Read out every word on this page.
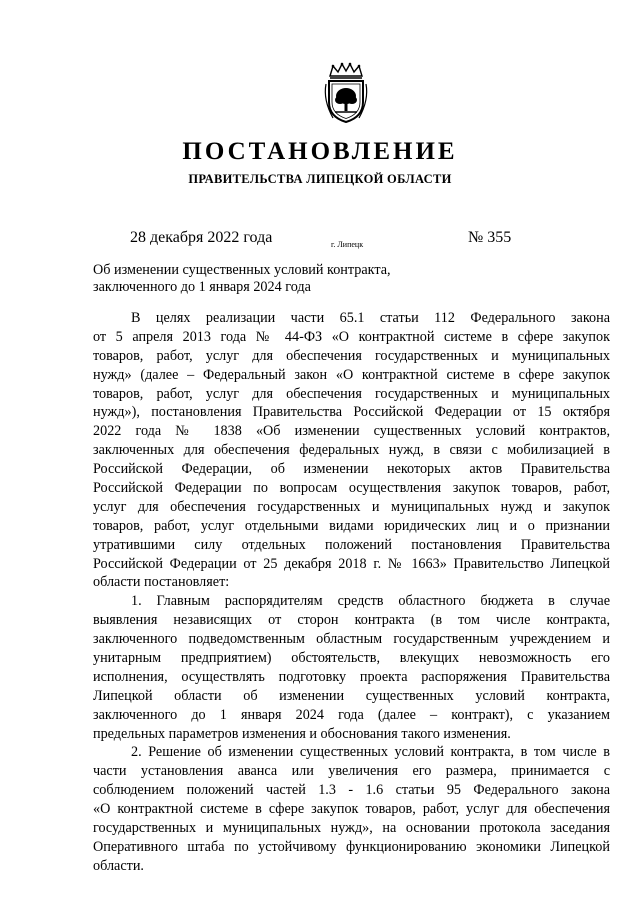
ПОСТАНОВЛЕНИЕ
ПРАВИТЕЛЬСТВА ЛИПЕЦКОЙ ОБЛАСТИ
28 декабря 2022 года	г. Липецк	№ 355
Об изменении существенных условий контракта,
заключенного до 1 января 2024 года
В целях реализации части 65.1 статьи 112 Федерального закона
от 5 апреля 2013 года № 44-ФЗ «О контрактной системе в сфере закупок
товаров, работ, услуг для обеспечения государственных и муниципальных
нужд» (далее – Федеральный закон «О контрактной системе в сфере закупок
товаров, работ, услуг для обеспечения государственных и муниципальных
нужд»), постановления Правительства Российской Федерации от 15 октября
2022 года № 1838 «Об изменении существенных условий контрактов,
заключенных для обеспечения федеральных нужд, в связи с мобилизацией в
Российской Федерации, об изменении некоторых актов Правительства
Российской Федерации по вопросам осуществления закупок товаров, работ,
услуг для обеспечения государственных и муниципальных нужд и закупок
товаров, работ, услуг отдельными видами юридических лиц и о признании
утратившими силу отдельных положений постановления Правительства
Российской Федерации от 25 декабря 2018 г. № 1663» Правительство Липецкой
области постановляет:
1. Главным распорядителям средств областного бюджета в случае
выявления независящих от сторон контракта (в том числе контракта,
заключенного подведомственным областным государственным учреждением и
унитарным предприятием) обстоятельств, влекущих невозможность его
исполнения, осуществлять подготовку проекта распоряжения Правительства
Липецкой области об изменении существенных условий контракта,
заключенного до 1 января 2024 года (далее – контракт), с указанием
предельных параметров изменения и обоснования такого изменения.
2. Решение об изменении существенных условий контракта, в том числе в
части установления аванса или увеличения его размера, принимается с
соблюдением положений частей 1.3 - 1.6 статьи 95 Федерального закона
«О контрактной системе в сфере закупок товаров, работ, услуг для обеспечения
государственных и муниципальных нужд», на основании протокола заседания
Оперативного штаба по устойчивому функционированию экономики Липецкой
области.
